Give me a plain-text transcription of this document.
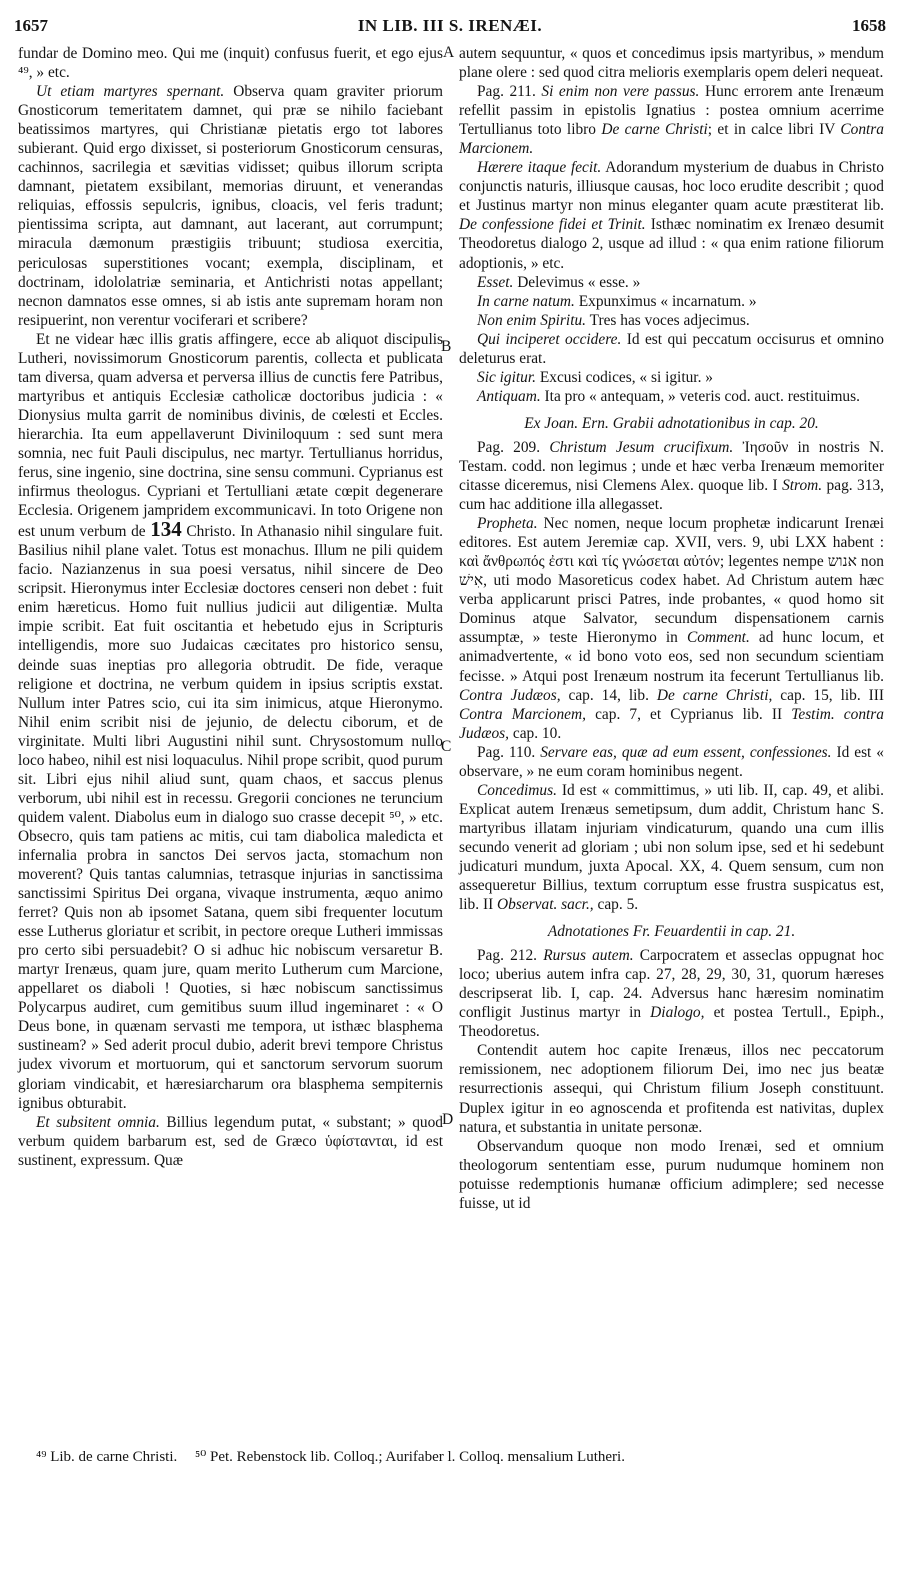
1657	IN LIB. III S. IRENÆI.	1658
A
B
C
D

fundar de Domino meo. Qui me (inquit) confusus fuerit, et ego ejus ⁴⁹, » etc.

Ut etiam martyres spernant. Observa quam graviter priorum Gnosticorum temeritatem damnet, qui præ se nihilo faciebant beatissimos martyres, qui Christianæ pietatis ergo tot labores subierant. Quid ergo dixisset, si posteriorum Gnosticorum censuras, cachinnos, sacrilegia et sævitias vidisset; quibus illorum scripta damnant, pietatem exsibilant, memorias diruunt, et venerandas reliquias, effossis sepulcris, ignibus, cloacis, vel feris tradunt; pientissima scripta, aut damnant, aut lacerant, aut corrumpunt; miracula dæmonum præstigiis tribuunt; studiosa exercitia, periculosas superstitiones vocant; exempla, disciplinam, et doctrinam, idololatriæ seminaria, et Antichristi notas appellant; necnon damnatos esse omnes, si ab istis ante supremam horam non resipuerint, non verentur vociferari et scribere?

Et ne videar hæc illis gratis affingere, ecce ab aliquot discipulis Lutheri, novissimorum Gnosticorum parentis, collecta et publicata tam diversa, quam adversa et perversa illius de cunctis fere Patribus, martyribus et antiquis Ecclesiæ catholicæ doctoribus judicia : « Dionysius multa garrit de nominibus divinis, de cœlesti et Eccles. hierarchia. Ita eum appellaverunt Diviniloquum : sed sunt mera somnia, nec fuit Pauli discipulus, nec martyr. Tertullianus horridus, ferus, sine ingenio, sine doctrina, sine sensu communi. Cyprianus est infirmus theologus. Cypriani et Tertulliani ætate cœpit degenerare Ecclesia. Origenem jampridem excommunicavi. In toto Origene non est unum verbum de 134 Christo. In Athanasio nihil singulare fuit. Basilius nihil plane valet. Totus est monachus. Illum ne pili quidem facio. Nazianzenus in sua poesi versatus, nihil sincere de Deo scripsit. Hieronymus inter Ecclesiæ doctores censeri non debet : fuit enim hæreticus. Homo fuit nullius judicii aut diligentiæ. Multa impie scribit. Eat fuit oscitantia et hebetudo ejus in Scripturis intelligendis, more suo Judaicas cæcitates pro historico sensu, deinde suas ineptias pro allegoria obtrudit. De fide, veraque religione et doctrina, ne verbum quidem in ipsius scriptis exstat. Nullum inter Patres scio, cui ita sim inimicus, atque Hieronymo. Nihil enim scribit nisi de jejunio, de delectu ciborum, et de virginitate. Multi libri Augustini nihil sunt. Chrysostomum nullo loco habeo, nihil est nisi loquaculus. Nihil prope scribit, quod purum sit. Libri ejus nihil aliud sunt, quam chaos, et saccus plenus verborum, ubi nihil est in recessu. Gregorii conciones ne teruncium quidem valent. Diabolus eum in dialogo suo crasse decepit ⁵⁰, » etc. Obsecro, quis tam patiens ac mitis, cui tam diabolica maledicta et infernalia probra in sanctos Dei servos jacta, stomachum non moverent? Quis tantas calumnias, tetrasque injurias in sanctissima sanctissimi Spiritus Dei organa, vivaque instrumenta, æquo animo ferret? Quis non ab ipsomet Satana, quem sibi frequenter locutum esse Lutherus gloriatur et scribit, in pectore oreque Lutheri immissas pro certo sibi persuadebit? O si adhuc hic nobiscum versaretur B. martyr Irenæus, quam jure, quam merito Lutherum cum Marcione, appellaret os diaboli ! Quoties, si hæc nobiscum sanctissimus Polycarpus audiret, cum gemitibus suum illud ingeminaret : « O Deus bone, in quænam servasti me tempora, ut isthæc blasphema sustineam? » Sed aderit procul dubio, aderit brevi tempore Christus judex vivorum et mortuorum, qui et sanctorum servorum suorum gloriam vindicabit, et hæresiarcharum ora blasphema sempiternis ignibus obturabit.

Et subsitent omnia. Billius legendum putat, « substant; » quod verbum quidem barbarum est, sed de Græco ὑφίστανται, id est sustinent, expressum. Quæ

autem sequuntur, « quos et concedimus ipsis martyribus, » mendum plane olere : sed quod citra melioris exemplaris opem deleri nequeat.

Pag. 211. Si enim non vere passus. Hunc errorem ante Irenæum refellit passim in epistolis Ignatius : postea omnium acerrime Tertullianus toto libro De carne Christi; et in calce libri IV Contra Marcionem.

Hærere itaque fecit. Adorandum mysterium de duabus in Christo conjunctis naturis, illiusque causas, hoc loco erudite describit ; quod et Justinus martyr non minus eleganter quam acute præstiterat lib. De confessione fidei et Trinit. Isthæc nominatim ex Irenæo desumit Theodoretus dialogo 2, usque ad illud : « qua enim ratione filiorum adoptionis, » etc.

Esset. Delevimus « esse. »

In carne natum. Expunximus « incarnatum. »

Non enim Spiritu. Tres has voces adjecimus.

Qui inciperet occidere. Id est qui peccatum occisurus et omnino deleturus erat.

Sic igitur. Excusi codices, « si igitur. »

Antiquam. Ita pro « antequam, » veteris cod. auct. restituimus.

Ex Joan. Ern. Grabii adnotationibus in cap. 20.

Pag. 209. Christum Jesum crucifixum. Ἰησοῦν in nostris N. Testam. codd. non legimus ; unde et hæc verba Irenæum memoriter citasse diceremus, nisi Clemens Alex. quoque lib. I Strom. pag. 313, cum hac additione illa allegasset.

Propheta. Nec nomen, neque locum prophetæ indicarunt Irenæi editores. Est autem Jeremiæ cap. XVII, vers. 9, ubi LXX habent : καὶ ἄνθρωπός ἐστι καὶ τίς γνώσεται αὐτόν; legentes nempe אנוש non אִישׁ, uti modo Masoreticus codex habet. Ad Christum autem hæc verba applicarunt prisci Patres, inde probantes, « quod homo sit Dominus atque Salvator, secundum dispensationem carnis assumptæ, » teste Hieronymo in Comment. ad hunc locum, et animadvertente, « id bono voto eos, sed non secundum scientiam fecisse. » Atqui post Irenæum nostrum ita fecerunt Tertullianus lib. Contra Judæos, cap. 14, lib. De carne Christi, cap. 15, lib. III Contra Marcionem, cap. 7, et Cyprianus lib. II Testim. contra Judæos, cap. 10.

Pag. 110. Servare eas, quæ ad eum essent, confessiones. Id est « observare, » ne eum coram hominibus negent.

Concedimus. Id est « committimus, » uti lib. II, cap. 49, et alibi. Explicat autem Irenæus semetipsum, dum addit, Christum hanc S. martyribus illatam injuriam vindicaturum, quando una cum illis secundo venerit ad gloriam ; ubi non solum ipse, sed et hi sedebunt judicaturi mundum, juxta Apocal. XX, 4. Quem sensum, cum non assequeretur Billius, textum corruptum esse frustra suspicatus est, lib. II Observat. sacr., cap. 5.

Adnotationes Fr. Feuardentii in cap. 21.

Pag. 212. Rursus autem. Carpocratem et asseclas oppugnat hoc loco; uberius autem infra cap. 27, 28, 29, 30, 31, quorum hæreses descripserat lib. I, cap. 24. Adversus hanc hæresim nominatim confligit Justinus martyr in Dialogo, et postea Tertull., Epiph., Theodoretus.

Contendit autem hoc capite Irenæus, illos nec peccatorum remissionem, nec adoptionem filiorum Dei, imo nec jus beatæ resurrectionis assequi, qui Christum filium Joseph constituunt. Duplex igitur in eo agnoscenda et profitenda est nativitas, duplex natura, et substantia in unitate personæ.

Observandum quoque non modo Irenæi, sed et omnium theologorum sententiam esse, purum nudumque hominem non potuisse redemptionis humanæ officium adimplere; sed necesse fuisse, ut id

⁴⁹ Lib. de carne Christi. ⁵⁰ Pet. Rebenstock lib. Colloq.; Aurifaber l. Colloq. mensalium Lutheri.
